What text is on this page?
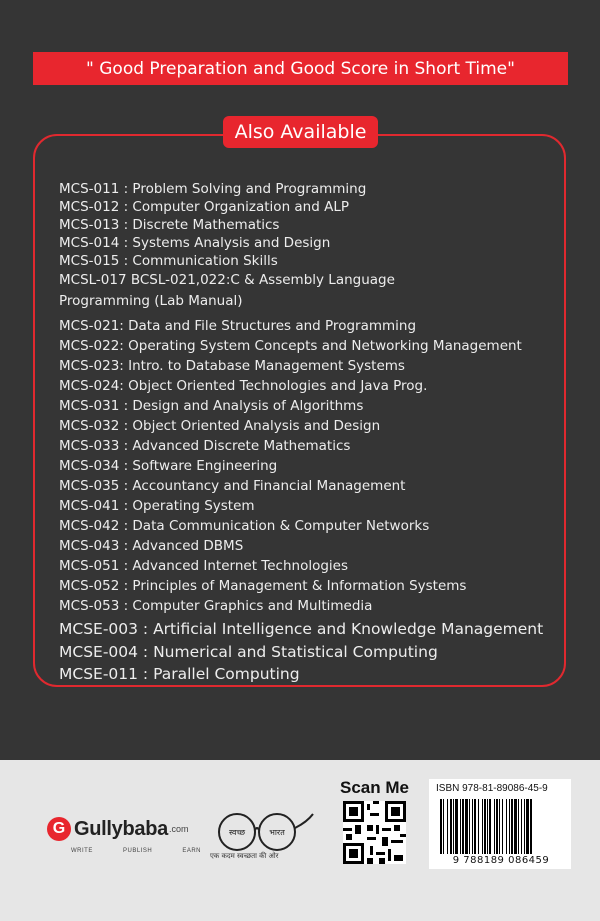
" Good Preparation and Good Score in Short Time"
Also Available
MCS-011 : Problem Solving and Programming
MCS-012 : Computer Organization and ALP
MCS-013 : Discrete Mathematics
MCS-014 : Systems Analysis and Design
MCS-015 : Communication Skills
MCSL-017 BCSL-021,022:C & Assembly Language
Programming (Lab Manual)
MCS-021: Data and File Structures and Programming
MCS-022: Operating System Concepts and Networking Management
MCS-023: Intro. to Database Management Systems
MCS-024: Object Oriented Technologies and Java Prog.
MCS-031 : Design and Analysis of Algorithms
MCS-032 : Object Oriented Analysis and Design
MCS-033 : Advanced Discrete Mathematics
MCS-034 : Software Engineering
MCS-035 : Accountancy and Financial Management
MCS-041 : Operating System
MCS-042 : Data Communication & Computer Networks
MCS-043 : Advanced DBMS
MCS-051 : Advanced Internet Technologies
MCS-052 : Principles of Management & Information Systems
MCS-053 : Computer Graphics and Multimedia
MCSE-003 : Artificial Intelligence and Knowledge Management
MCSE-004 : Numerical and Statistical Computing
MCSE-011 : Parallel Computing
G Gullybaba .com
WRITE	PUBLISH	EARN
स्वच्छ	भारत
एक कदम स्वच्छता की ओर
Scan Me	ISBN 978-81-89086-45-9
9 788189 086459
